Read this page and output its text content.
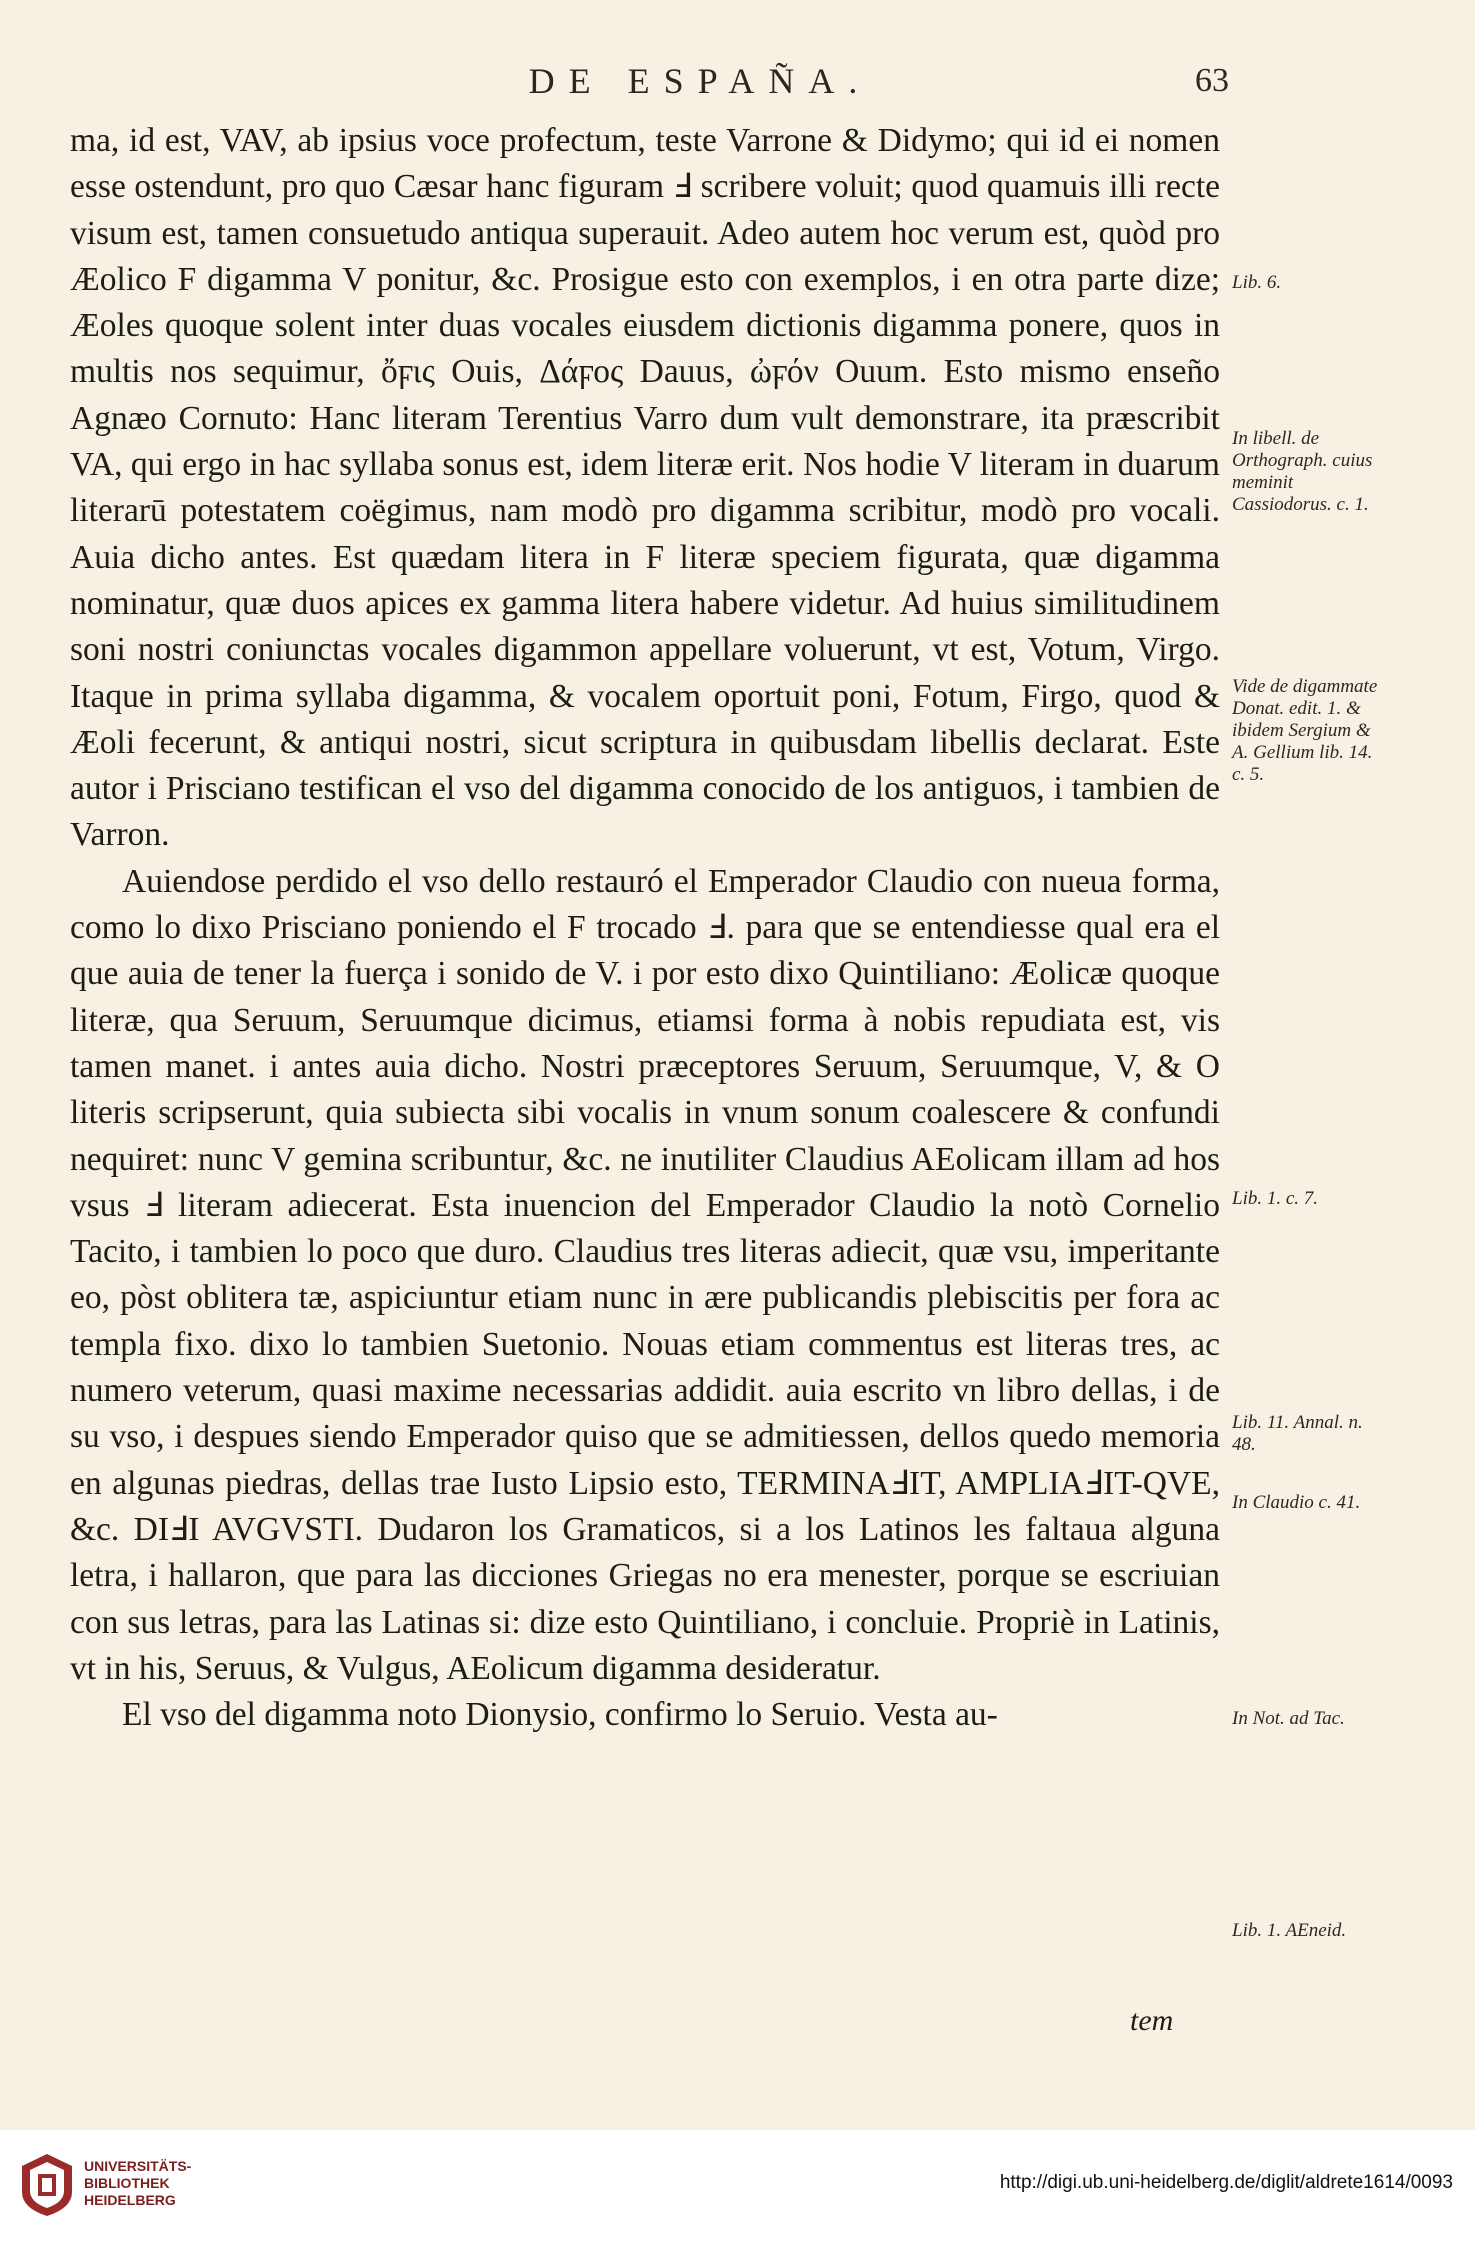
DE ESPAÑA.	63

ma, id est, VAV, ab ipsius voce profectum, teste Varrone & Didymo; qui id ei nomen esse ostendunt, pro quo Cæsar hanc figuram Ⅎ scribere voluit; quod quamuis illi recte visum est, tamen consuetudo antiqua superauit. Adeo autem hoc verum est, quòd pro Æolico F digamma V ponitur, &c. Prosigue esto con exemplos, i en otra parte dize; Æoles quoque solent inter duas vocales eiusdem dictionis digamma ponere, quos in multis nos sequimur, ὄϝις Ouis, Δάϝος Dauus, ὠϝόν Ouum. Esto mismo enseño Agnæo Cornuto: Hanc literam Terentius Varro dum vult demonstrare, ita præscribit VA, qui ergo in hac syllaba sonus est, idem literæ erit. Nos hodie V literam in duarum literarū potestatem coëgimus, nam modò pro digamma scribitur, modò pro vocali. Auia dicho antes. Est quædam litera in F literæ speciem figurata, quæ digamma nominatur, quæ duos apices ex gamma litera habere videtur. Ad huius similitudinem soni nostri coniunctas vocales digammon appellare voluerunt, vt est, Votum, Virgo. Itaque in prima syllaba digamma, & vocalem oportuit poni, Fotum, Firgo, quod & Æoli fecerunt, & antiqui nostri, sicut scriptura in quibusdam libellis declarat. Este autor i Prisciano testifican el vso del digamma conocido de los antiguos, i tambien de Varron.

Auiendose perdido el vso dello restauró el Emperador Claudio con nueua forma, como lo dixo Prisciano poniendo el F trocado Ⅎ. para que se entendiesse qual era el que auia de tener la fuerça i sonido de V. i por esto dixo Quintiliano: Æolicæ quoque literæ, qua Seruum, Seruumque dicimus, etiamsi forma à nobis repudiata est, vis tamen manet. i antes auia dicho. Nostri præceptores Seruum, Seruumque, V, & O literis scripserunt, quia subiecta sibi vocalis in vnum sonum coalescere & confundi nequiret: nunc V gemina scribuntur, &c. ne inutiliter Claudius AEolicam illam ad hos vsus Ⅎ literam adiecerat. Esta inuencion del Emperador Claudio la notò Cornelio Tacito, i tambien lo poco que duro. Claudius tres literas adiecit, quæ vsu, imperitante eo, pòst oblitera tæ, aspiciuntur etiam nunc in ære publicandis plebiscitis per fora ac templa fixo. dixo lo tambien Suetonio. Nouas etiam commentus est literas tres, ac numero veterum, quasi maxime necessarias addidit. auia escrito vn libro dellas, i de su vso, i despues siendo Emperador quiso que se admitiessen, dellos quedo memoria en algunas piedras, dellas trae Iusto Lipsio esto, TERMINAℲIT, AMPLIAℲIT-QVE, &c. DIℲI AVGVSTI. Dudaron los Gramaticos, si a los Latinos les faltaua alguna letra, i hallaron, que para las dicciones Griegas no era menester, porque se escriuian con sus letras, para las Latinas si: dize esto Quintiliano, i concluie. Propriè in Latinis, vt in his, Seruus, & Vulgus, AEolicum digamma desideratur.

El vso del digamma noto Dionysio, confirmo lo Seruio. Vesta au-

Lib. 6.
In libell. de Orthograph. cuius meminit Cassiodorus. c. 1.
Vide de digammate Donat. edit. 1. & ibidem Sergium & A. Gellium lib. 14. c. 5.
Lib. 1. c. 7.
Lib. 11. Annal. n. 48.
In Claudio c. 41.
In Not. ad Tac.
Lib. 1. AEneid.
tem
UNIVERSITÄTS-
BIBLIOTHEK
HEIDELBERG
http://digi.ub.uni-heidelberg.de/diglit/aldrete1614/0093
